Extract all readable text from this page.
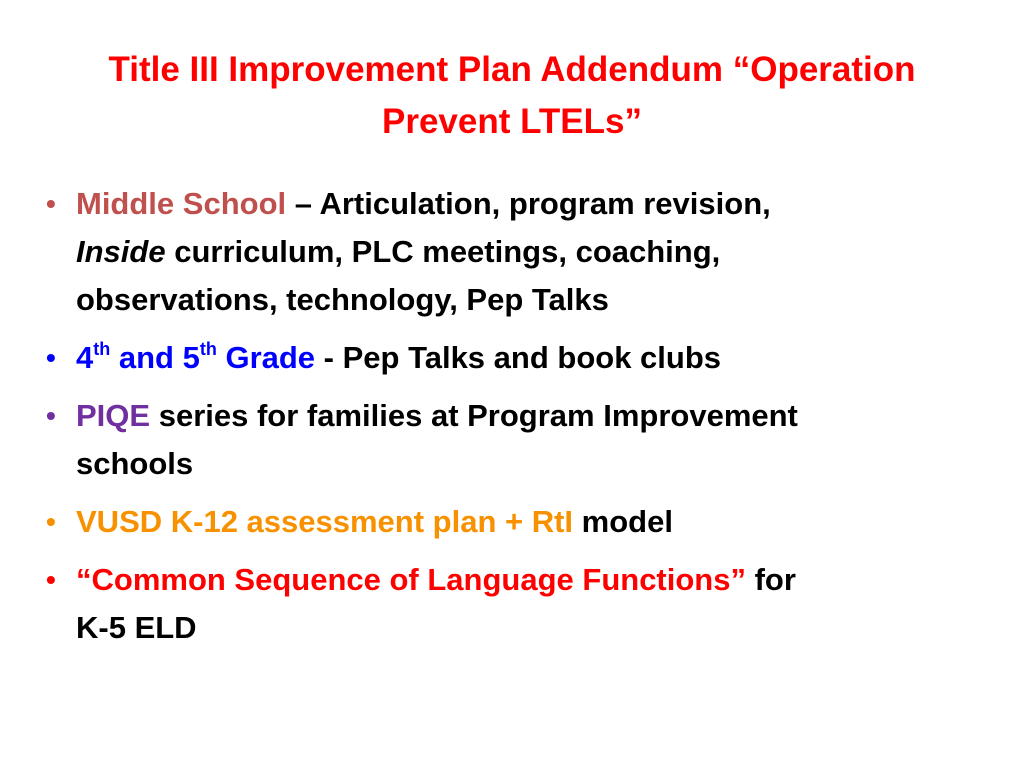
Title III Improvement Plan Addendum “Operation
Prevent LTELs”
• Middle School – Articulation, program revision,
Inside curriculum, PLC meetings, coaching,
observations, technology, Pep Talks
• 4th and 5th Grade - Pep Talks and book clubs
• PIQE series for families at Program Improvement
schools
• VUSD K-12 assessment plan + RtI model
• “Common Sequence of Language Functions” for
K-5 ELD
